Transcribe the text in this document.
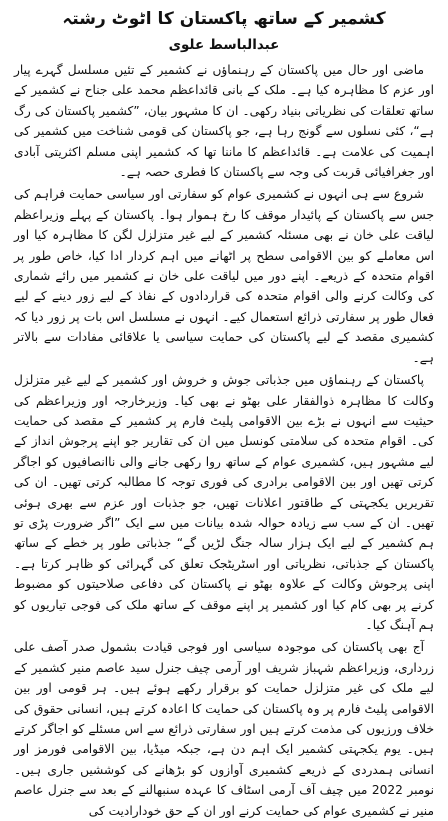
کشمیر کے ساتھ پاکستان کا اٹوٹ رشتہ
عبدالباسط علوی

ماضی اور حال میں پاکستان کے رہنماؤں نے کشمیر کے تئیں مسلسل گہرے پیار اور عزم کا مظاہرہ کیا ہے۔ ملک کے بانی قائداعظم محمد علی جناح نے کشمیر کے ساتھ تعلقات کی نظریاتی بنیاد رکھی۔ ان کا مشہور بیان، ”کشمیر پاکستان کی رگ ہے“، کئی نسلوں سے گونج رہا ہے، جو پاکستان کی قومی شناخت میں کشمیر کی اہمیت کی علامت ہے۔ قائداعظم کا ماننا تھا کہ کشمیر اپنی مسلم اکثریتی آبادی اور جغرافیائی قربت کی وجہ سے پاکستان کا فطری حصہ ہے۔

شروع سے ہی انہوں نے کشمیری عوام کو سفارتی اور سیاسی حمایت فراہم کی جس سے پاکستان کے پائیدار موقف کا رخ ہموار ہوا۔ پاکستان کے پہلے وزیراعظم لیاقت علی خان نے بھی مسئلہ کشمیر کے لیے غیر متزلزل لگن کا مظاہرہ کیا اور اس معاملے کو بین الاقوامی سطح پر اٹھانے میں اہم کردار ادا کیا، خاص طور پر اقوام متحدہ کے ذریعے۔ اپنے دور میں لیاقت علی خان نے کشمیر میں رائے شماری کی وکالت کرنے والی اقوام متحدہ کی قراردادوں کے نفاذ کے لیے زور دینے کے لیے فعال طور پر سفارتی ذرائع استعمال کیے۔ انہوں نے مسلسل اس بات پر زور دیا کہ کشمیری مقصد کے لیے پاکستان کی حمایت سیاسی یا علاقائی مفادات سے بالاتر ہے۔

پاکستان کے رہنماؤں میں جذباتی جوش و خروش اور کشمیر کے لیے غیر متزلزل وکالت کا مظاہرہ ذوالفقار علی بھٹو نے بھی کیا۔ وزیرخارجہ اور وزیراعظم کی حیثیت سے انہوں نے بڑے بین الاقوامی پلیٹ فارم پر کشمیر کے مقصد کی حمایت کی۔ اقوام متحدہ کی سلامتی کونسل میں ان کی تقاریر جو اپنے پرجوش انداز کے لیے مشہور ہیں، کشمیری عوام کے ساتھ روا رکھی جانے والی ناانصافیوں کو اجاگر کرتی تھیں اور بین الاقوامی برادری کی فوری توجہ کا مطالبہ کرتی تھیں۔ ان کی تقریریں یکجہتی کے طاقتور اعلانات تھیں، جو جذبات اور عزم سے بھری ہوئی تھیں۔ ان کے سب سے زیادہ حوالہ شدہ بیانات میں سے ایک ”اگر ضرورت پڑی تو ہم کشمیر کے لیے ایک ہزار سالہ جنگ لڑیں گے“ جذباتی طور پر خطے کے ساتھ پاکستان کے جذباتی، نظریاتی اور اسٹریٹجک تعلق کی گہرائی کو ظاہر کرتا ہے۔ اپنی پرجوش وکالت کے علاوہ بھٹو نے پاکستان کی دفاعی صلاحیتوں کو مضبوط کرنے پر بھی کام کیا اور کشمیر پر اپنے موقف کے ساتھ ملک کی فوجی تیاریوں کو ہم آہنگ کیا۔

آج بھی پاکستان کی موجودہ سیاسی اور فوجی قیادت بشمول صدر آصف علی زرداری، وزیراعظم شہباز شریف اور آرمی چیف جنرل سید عاصم منیر کشمیر کے لیے ملک کی غیر متزلزل حمایت کو برقرار رکھے ہوئے ہیں۔ ہر قومی اور بین الاقوامی پلیٹ فارم پر وہ پاکستان کی حمایت کا اعادہ کرتے ہیں، انسانی حقوق کی خلاف ورزیوں کی مذمت کرتے ہیں اور سفارتی ذرائع سے اس مسئلے کو اجاگر کرتے ہیں۔ یوم یکجہتی کشمیر ایک اہم دن ہے، جبکہ میڈیا، بین الاقوامی فورمز اور انسانی ہمدردی کے ذریعے کشمیری آوازوں کو بڑھانے کی کوششیں جاری ہیں۔ نومبر 2022 میں چیف آف آرمی اسٹاف کا عہدہ سنبھالنے کے بعد سے جنرل عاصم منیر نے کشمیری عوام کی حمایت کرنے اور ان کے حق خودارادیت کی
